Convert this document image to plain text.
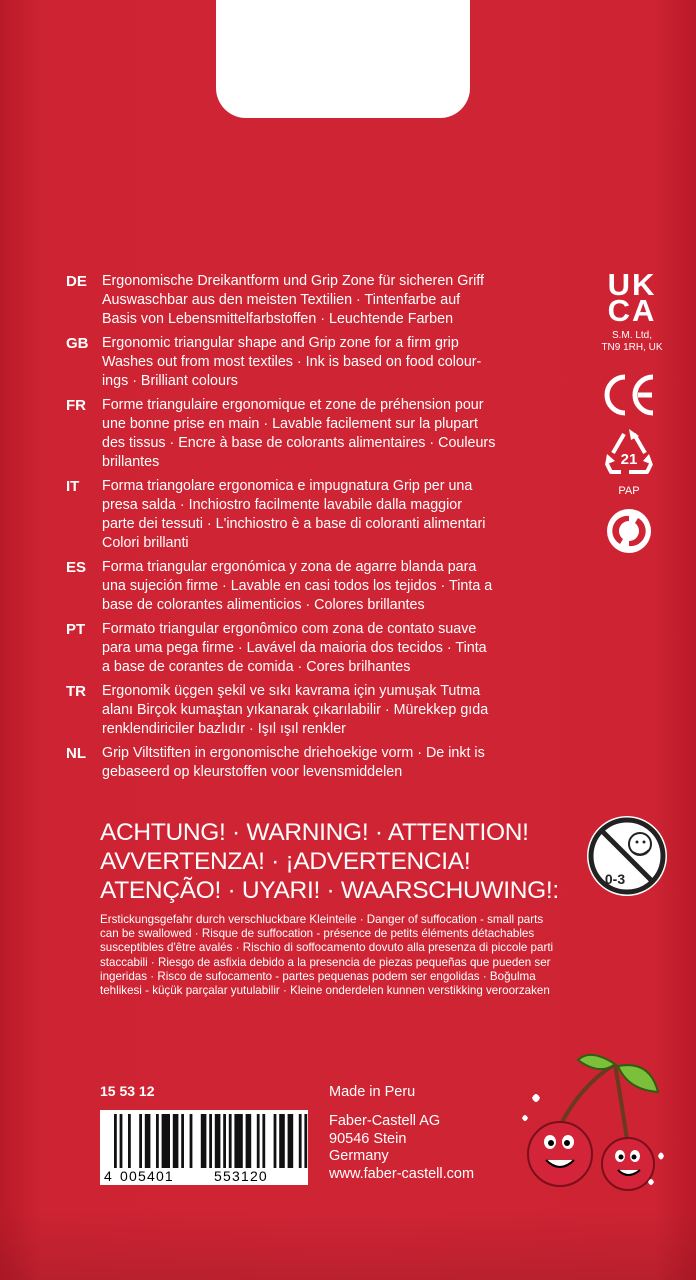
DE	Ergonomische Dreikantform und Grip Zone für sicheren Griff
Auswaschbar aus den meisten Textilien · Tintenfarbe auf
Basis von Lebensmittelfarbstoffen · Leuchtende Farben
GB Ergonomic triangular shape and Grip zone for a firm grip
Washes out from most textiles · Ink is based on food colour-
ings · Brilliant colours
FR	Forme triangulaire ergonomique et zone de préhension pour
une bonne prise en main · Lavable facilement sur la plupart
des tissus · Encre à base de colorants alimentaires · Couleurs
brillantes
IT	Forma triangolare ergonomica e impugnatura Grip per una
presa salda · Inchiostro facilmente lavabile dalla maggior
parte dei tessuti · L'inchiostro è a base di coloranti alimentari
Colori brillanti
ES	Forma triangular ergonómica y zona de agarre blanda para
una sujeción firme · Lavable en casi todos los tejidos · Tinta a
base de colorantes alimenticios · Colores brillantes
PT	Formato triangular ergonômico com zona de contato suave
para uma pega firme · Lavável da maioria dos tecidos · Tinta
a base de corantes de comida · Cores brilhantes
TR	Ergonomik üçgen şekil ve sıkı kavrama için yumuşak Tutma
alanı Birçok kumaştan yıkanarak çıkarılabilir · Mürekkep gıda
renklendiriciler bazlıdır · Işıl ışıl renkler
NL	Grip Viltstiften in ergonomische driehoekige vorm · De inkt is
gebaseerd op kleurstoffen voor levensmiddelen
UK
CA
S.M. Ltd,
TN9 1RH, UK
21
PAP
ACHTUNG! · WARNING! · ATTENTION!
AVVERTENZA! · ¡ADVERTENCIA!
ATENÇÃO! · UYARI! · WAARSCHUWING!:	0-3
Erstickungsgefahr durch verschluckbare Kleinteile · Danger of suffocation - small parts
can be swallowed · Risque de suffocation - présence de petits éléments détachables
susceptibles d'être avalés · Rischio di soffocamento dovuto alla presenza di piccole parti
staccabili · Riesgo de asfixia debido a la presencia de piezas pequeñas que pueden ser
ingeridas · Risco de sufocamento - partes pequenas podem ser engolidas · Boğulma
tehlikesi - küçük parçalar yutulabilir · Kleine onderdelen kunnen verstikking veroorzaken
15 53 12
4 005401	553120
Made in Peru
Faber-Castell AG
90546 Stein
Germany
www.faber-castell.com
